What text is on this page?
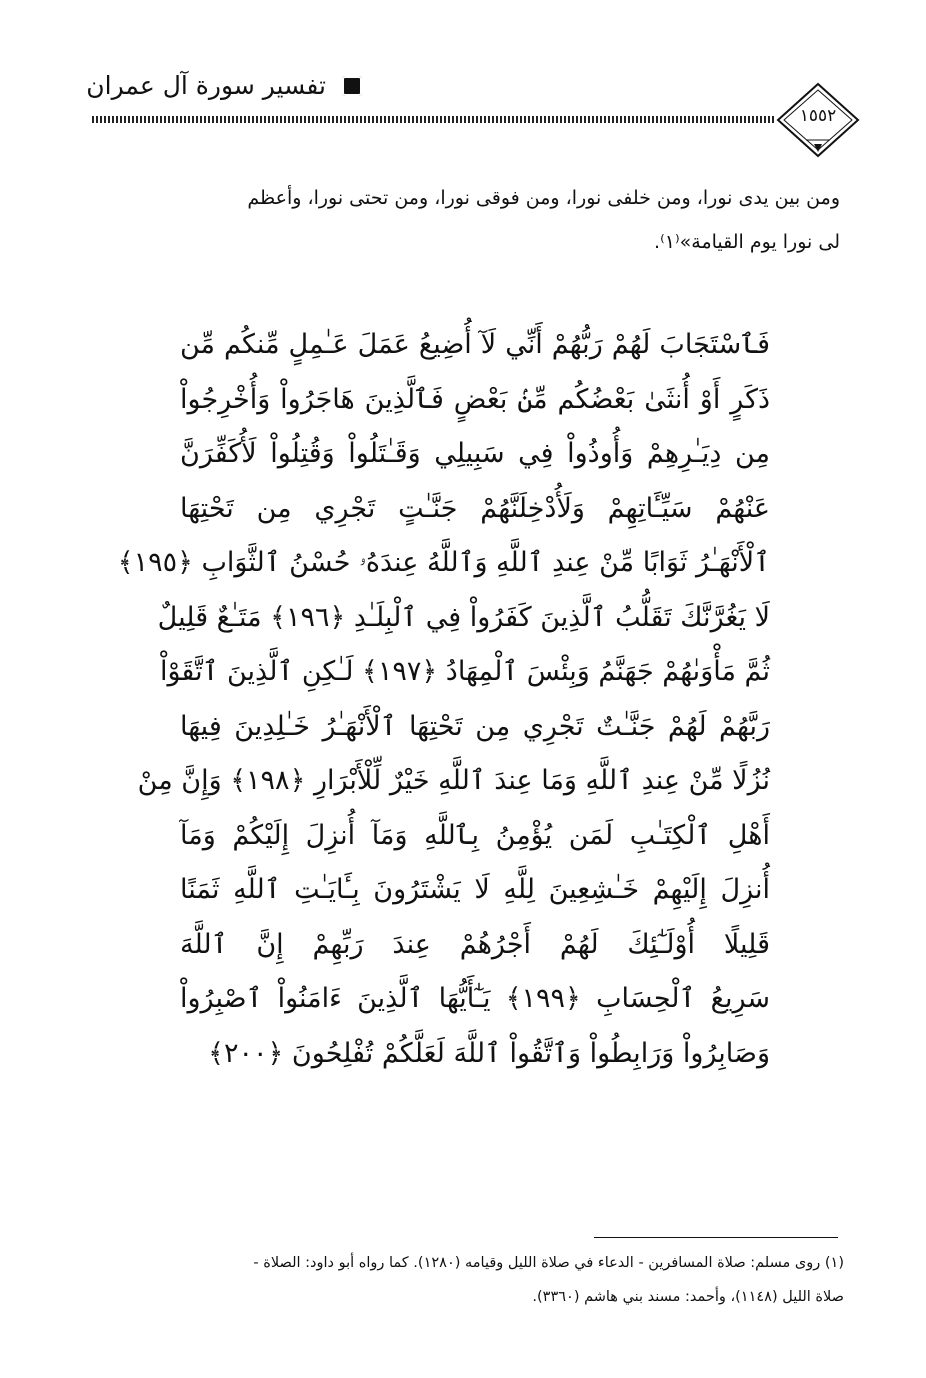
تفسير سورة آل عمران
١٥٥٢
ومن بين يدى نورا، ومن خلفى نورا، ومن فوقى نورا، ومن تحتى نورا، وأعظم
لى نورا يوم القيامة»⁽١⁾.
فَٱسْتَجَابَ لَهُمْ رَبُّهُمْ أَنِّي لَآ أُضِيعُ عَمَلَ عَـٰمِلٍ مِّنكُم مِّن
ذَكَرٍ أَوْ أُنثَىٰ بَعْضُكُم مِّنۢ بَعْضٍ فَٱلَّذِينَ هَاجَرُواْ وَأُخْرِجُواْ
مِن دِيَـٰرِهِمْ وَأُوذُواْ فِي سَبِيلِي وَقَـٰتَلُواْ وَقُتِلُواْ لَأُكَفِّرَنَّ
عَنْهُمْ سَيِّـَٔاتِهِمْ وَلَأُدْخِلَنَّهُمْ جَنَّـٰتٍ تَجْرِي مِن تَحْتِهَا
ٱلْأَنْهَـٰرُ ثَوَابًا مِّنْ عِندِ ٱللَّهِ وَٱللَّهُ عِندَهُۥ حُسْنُ ٱلثَّوَابِ ﴿١٩٥﴾
لَا يَغُرَّنَّكَ تَقَلُّبُ ٱلَّذِينَ كَفَرُواْ فِي ٱلْبِلَـٰدِ ﴿١٩٦﴾ مَتَـٰعٌ قَلِيلٌ
ثُمَّ مَأْوَىٰهُمْ جَهَنَّمُ وَبِئْسَ ٱلْمِهَادُ ﴿١٩٧﴾ لَـٰكِنِ ٱلَّذِينَ ٱتَّقَوْاْ
رَبَّهُمْ لَهُمْ جَنَّـٰتٌ تَجْرِي مِن تَحْتِهَا ٱلْأَنْهَـٰرُ خَـٰلِدِينَ فِيهَا
نُزُلًا مِّنْ عِندِ ٱللَّهِ وَمَا عِندَ ٱللَّهِ خَيْرٌ لِّلْأَبْرَارِ ﴿١٩٨﴾ وَإِنَّ مِنْ
أَهْلِ ٱلْكِتَـٰبِ لَمَن يُؤْمِنُ بِٱللَّهِ وَمَآ أُنزِلَ إِلَيْكُمْ وَمَآ
أُنزِلَ إِلَيْهِمْ خَـٰشِعِينَ لِلَّهِ لَا يَشْتَرُونَ بِـَٔايَـٰتِ ٱللَّهِ ثَمَنًا
قَلِيلًا أُوْلَـٰٓئِكَ لَهُمْ أَجْرُهُمْ عِندَ رَبِّهِمْ إِنَّ ٱللَّهَ
سَرِيعُ ٱلْحِسَابِ ﴿١٩٩﴾ يَـٰٓأَيُّهَا ٱلَّذِينَ ءَامَنُواْ ٱصْبِرُواْ
وَصَابِرُواْ وَرَابِطُواْ وَٱتَّقُواْ ٱللَّهَ لَعَلَّكُمْ تُفْلِحُونَ ﴿٢٠٠﴾
(١) روى مسلم: صلاة المسافرين - الدعاء في صلاة الليل وقيامه (١٢٨٠). كما رواه أبو داود: الصلاة -
صلاة الليل (١١٤٨)، وأحمد: مسند بني هاشم (٣٣٦٠).
